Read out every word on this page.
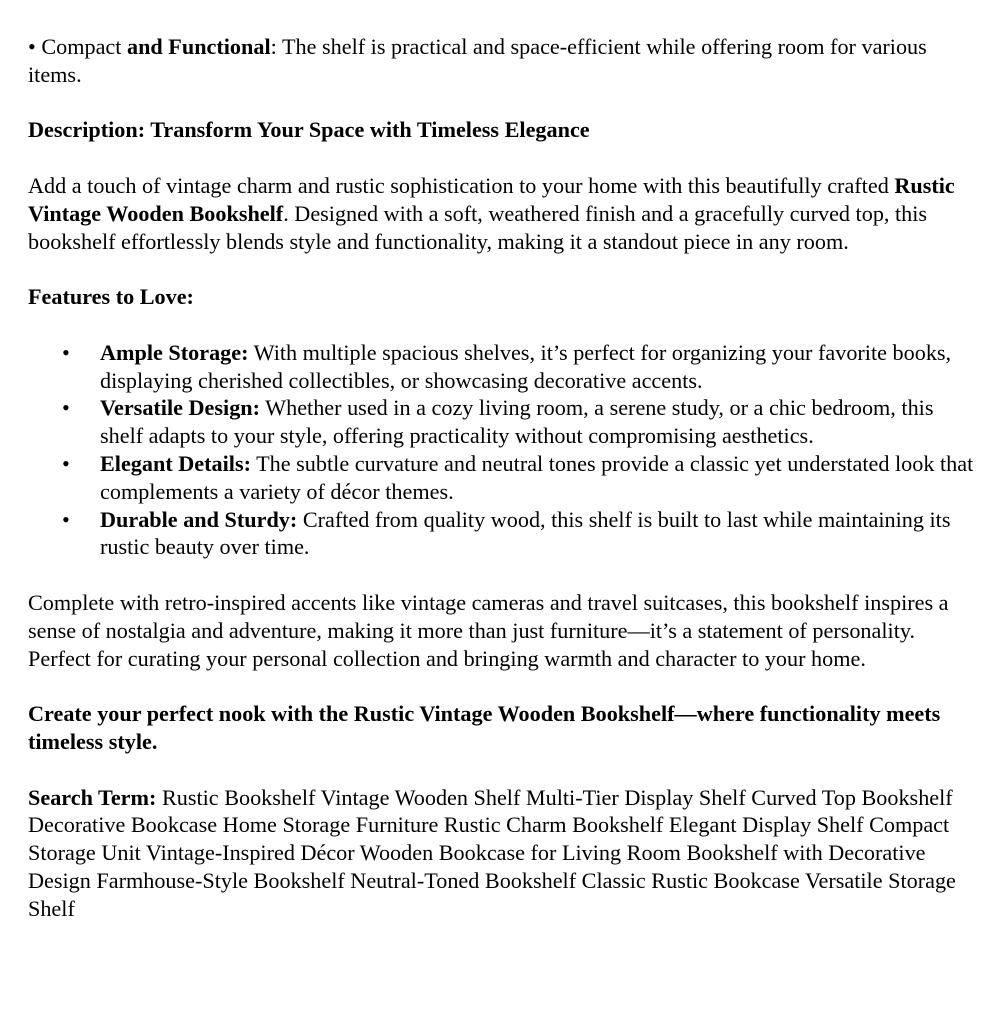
• Compact and Functional: The shelf is practical and space-efficient while offering room for various items.

Description: Transform Your Space with Timeless Elegance

Add a touch of vintage charm and rustic sophistication to your home with this beautifully crafted Rustic Vintage Wooden Bookshelf. Designed with a soft, weathered finish and a gracefully curved top, this bookshelf effortlessly blends style and functionality, making it a standout piece in any room.

Features to Love:

• Ample Storage: With multiple spacious shelves, it’s perfect for organizing your favorite books, displaying cherished collectibles, or showcasing decorative accents.
• Versatile Design: Whether used in a cozy living room, a serene study, or a chic bedroom, this shelf adapts to your style, offering practicality without compromising aesthetics.
• Elegant Details: The subtle curvature and neutral tones provide a classic yet understated look that complements a variety of décor themes.
• Durable and Sturdy: Crafted from quality wood, this shelf is built to last while maintaining its rustic beauty over time.

Complete with retro-inspired accents like vintage cameras and travel suitcases, this bookshelf inspires a sense of nostalgia and adventure, making it more than just furniture—it’s a statement of personality. Perfect for curating your personal collection and bringing warmth and character to your home.

Create your perfect nook with the Rustic Vintage Wooden Bookshelf—where functionality meets timeless style.

Search Term: Rustic Bookshelf Vintage Wooden Shelf Multi-Tier Display Shelf Curved Top Bookshelf Decorative Bookcase Home Storage Furniture Rustic Charm Bookshelf Elegant Display Shelf Compact Storage Unit Vintage-Inspired Décor Wooden Bookcase for Living Room Bookshelf with Decorative Design Farmhouse-Style Bookshelf Neutral-Toned Bookshelf Classic Rustic Bookcase Versatile Storage Shelf
